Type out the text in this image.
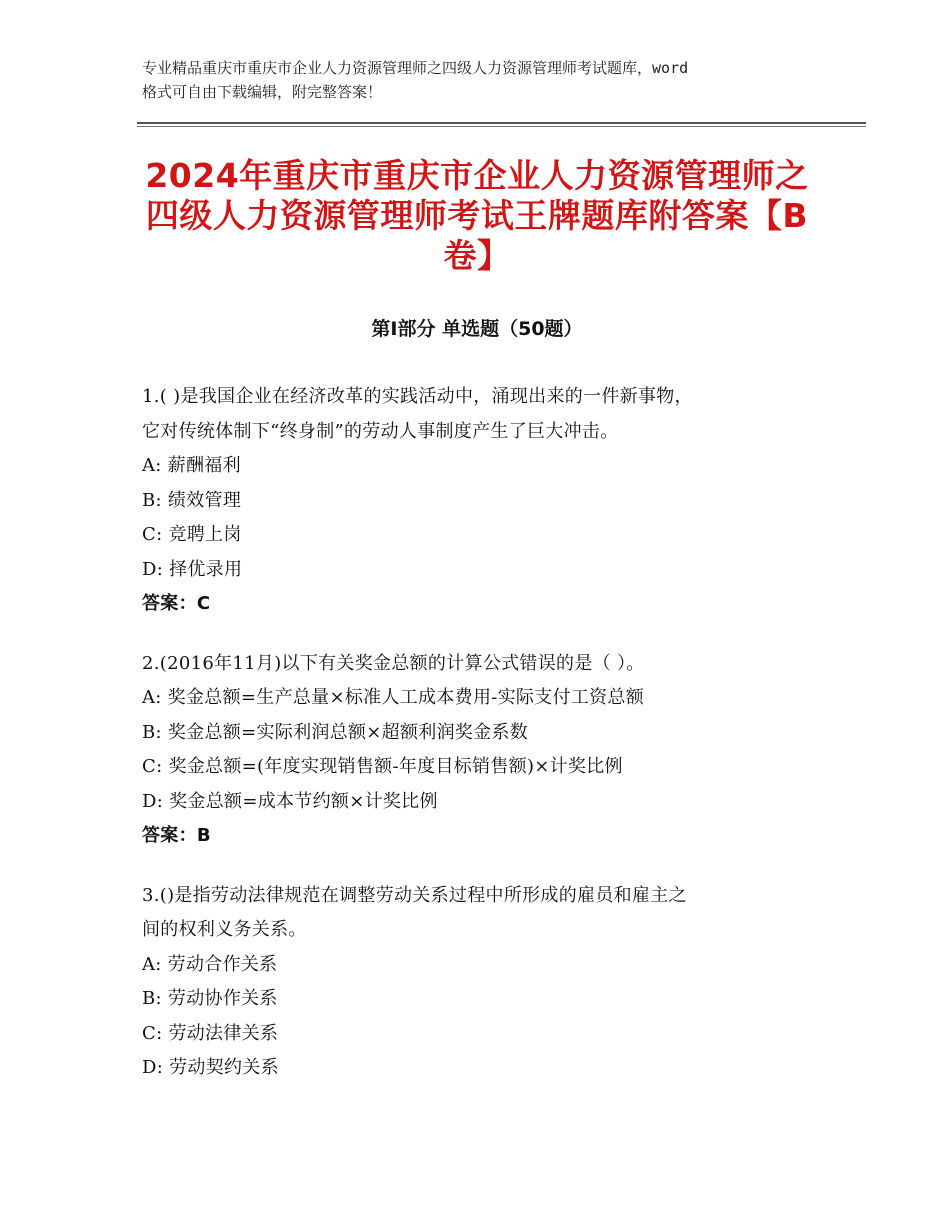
专业精品重庆市重庆市企业人力资源管理师之四级人力资源管理师考试题库，word
格式可自由下载编辑，附完整答案！
2024年重庆市重庆市企业人力资源管理师之
四级人力资源管理师考试王牌题库附答案【B
卷】
第Ⅰ部分 单选题（50题）
1.( )是我国企业在经济改革的实践活动中，涌现出来的一件新事物，
它对传统体制下“终身制”的劳动人事制度产生了巨大冲击。
A: 薪酬福利
B: 绩效管理
C: 竞聘上岗
D: 择优录用
答案：C
2.(2016年11月)以下有关奖金总额的计算公式错误的是（ ）。
A: 奖金总额=生产总量×标准人工成本费用-实际支付工资总额
B: 奖金总额=实际利润总额×超额利润奖金系数
C: 奖金总额=(年度实现销售额-年度目标销售额)×计奖比例
D: 奖金总额=成本节约额×计奖比例
答案：B
3.()是指劳动法律规范在调整劳动关系过程中所形成的雇员和雇主之
间的权利义务关系。
A: 劳动合作关系
B: 劳动协作关系
C: 劳动法律关系
D: 劳动契约关系
